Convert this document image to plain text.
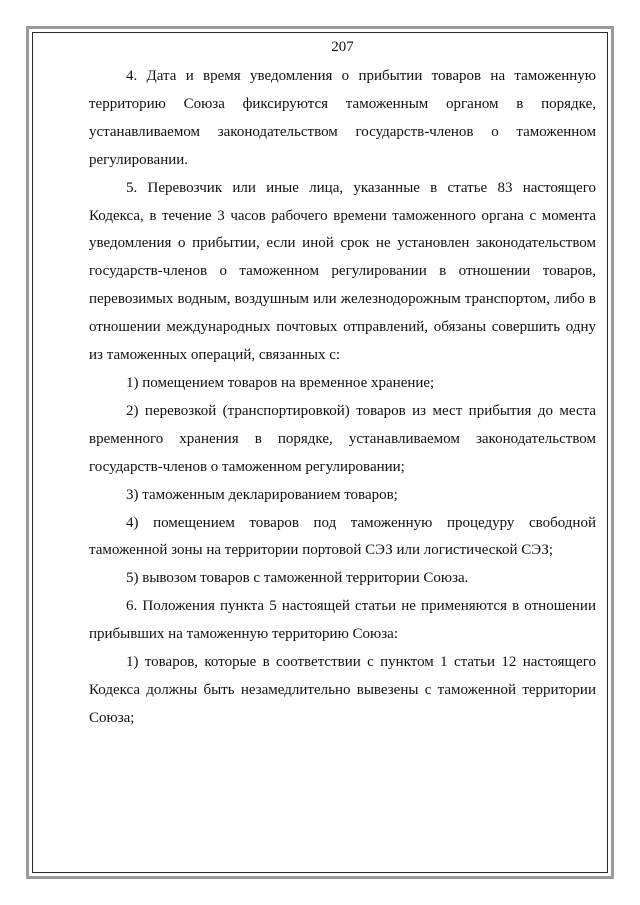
207

4. Дата и время уведомления о прибытии товаров на таможенную территорию Союза фиксируются таможенным органом в порядке, устанавливаемом законодательством государств-членов о таможенном регулировании.

5. Перевозчик или иные лица, указанные в статье 83 настоящего Кодекса, в течение 3 часов рабочего времени таможенного органа с момента уведомления о прибытии, если иной срок не установлен законодательством государств-членов о таможенном регулировании в отношении товаров, перевозимых водным, воздушным или железнодорожным транспортом, либо в отношении международных почтовых отправлений, обязаны совершить одну из таможенных операций, связанных с:

1) помещением товаров на временное хранение;

2) перевозкой (транспортировкой) товаров из мест прибытия до места временного хранения в порядке, устанавливаемом законодательством государств-членов о таможенном регулировании;

3) таможенным декларированием товаров;

4) помещением товаров под таможенную процедуру свободной таможенной зоны на территории портовой СЭЗ или логистической СЭЗ;

5) вывозом товаров с таможенной территории Союза.

6. Положения пункта 5 настоящей статьи не применяются в отношении прибывших на таможенную территорию Союза:

1) товаров, которые в соответствии с пунктом 1 статьи 12 настоящего Кодекса должны быть незамедлительно вывезены с таможенной территории Союза;
